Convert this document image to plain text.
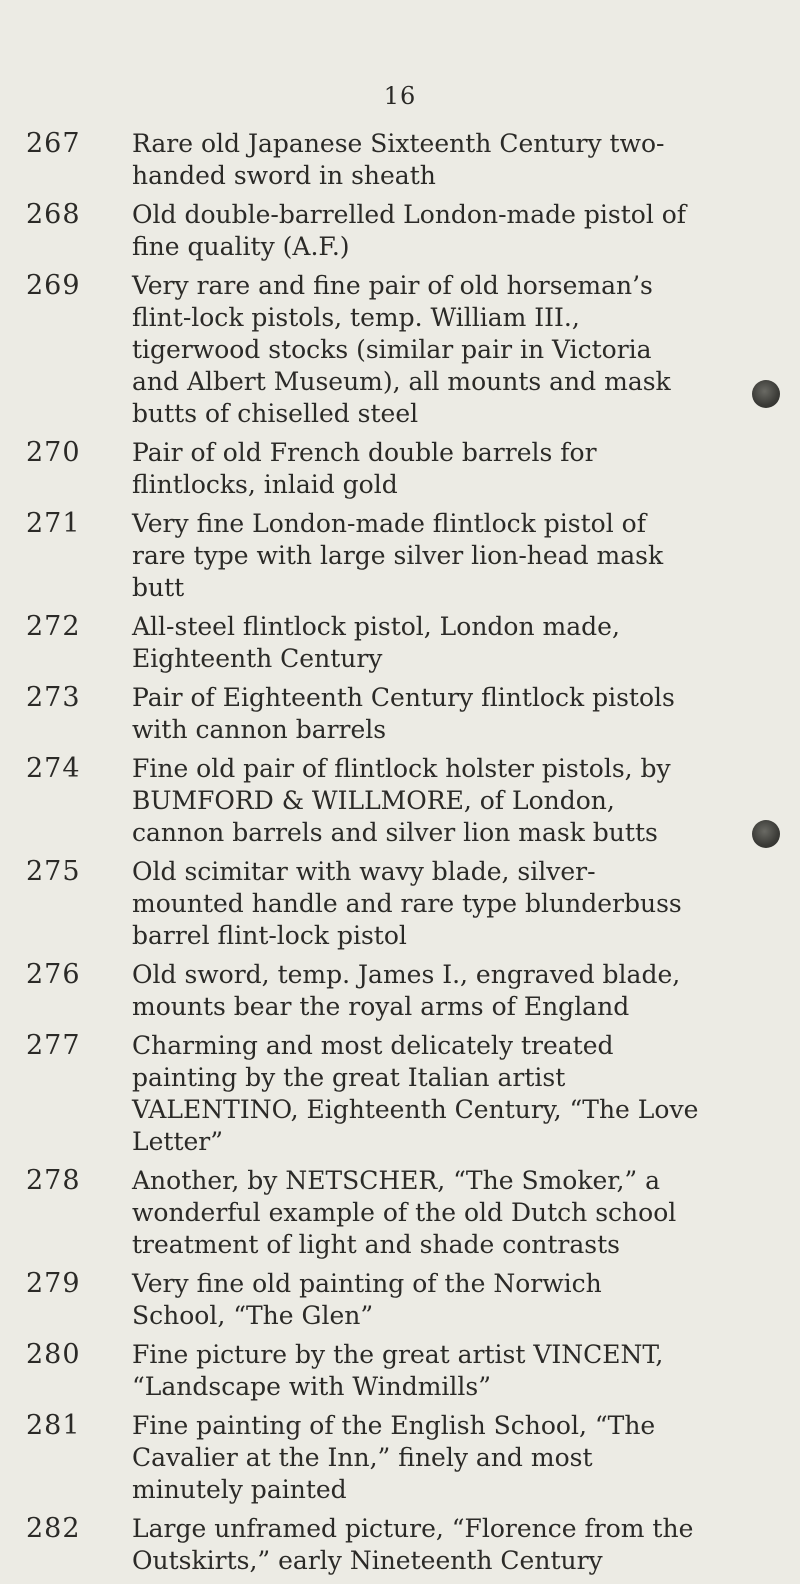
16
267	Rare old Japanese Sixteenth Century two-handed sword in sheath
268	Old double-barrelled London-made pistol of fine quality (A.F.)
269	Very rare and fine pair of old horseman’s flint-lock pistols, temp. William III., tigerwood stocks (similar pair in Victoria and Albert Museum), all mounts and mask butts of chiselled steel
270	Pair of old French double barrels for flintlocks, inlaid gold
271	Very fine London-made flintlock pistol of rare type with large silver lion-head mask butt
272	All-steel flintlock pistol, London made, Eighteenth Century
273	Pair of Eighteenth Century flintlock pistols with cannon barrels
274	Fine old pair of flintlock holster pistols, by BUMFORD & WILLMORE, of London, cannon barrels and silver lion mask butts
275	Old scimitar with wavy blade, silver-mounted handle and rare type blunderbuss barrel flint-lock pistol
276	Old sword, temp. James I., engraved blade, mounts bear the royal arms of England
277	Charming and most delicately treated painting by the great Italian artist VALENTINO, Eighteenth Century, “The Love Letter”
278	Another, by NETSCHER, “The Smoker,” a wonderful example of the old Dutch school treatment of light and shade contrasts
279	Very fine old painting of the Norwich School, “The Glen”
280	Fine picture by the great artist VINCENT, “Landscape with Windmills”
281	Fine painting of the English School, “The Cavalier at the Inn,” finely and most minutely painted
282	Large unframed picture, “Florence from the Outskirts,” early Nineteenth Century
